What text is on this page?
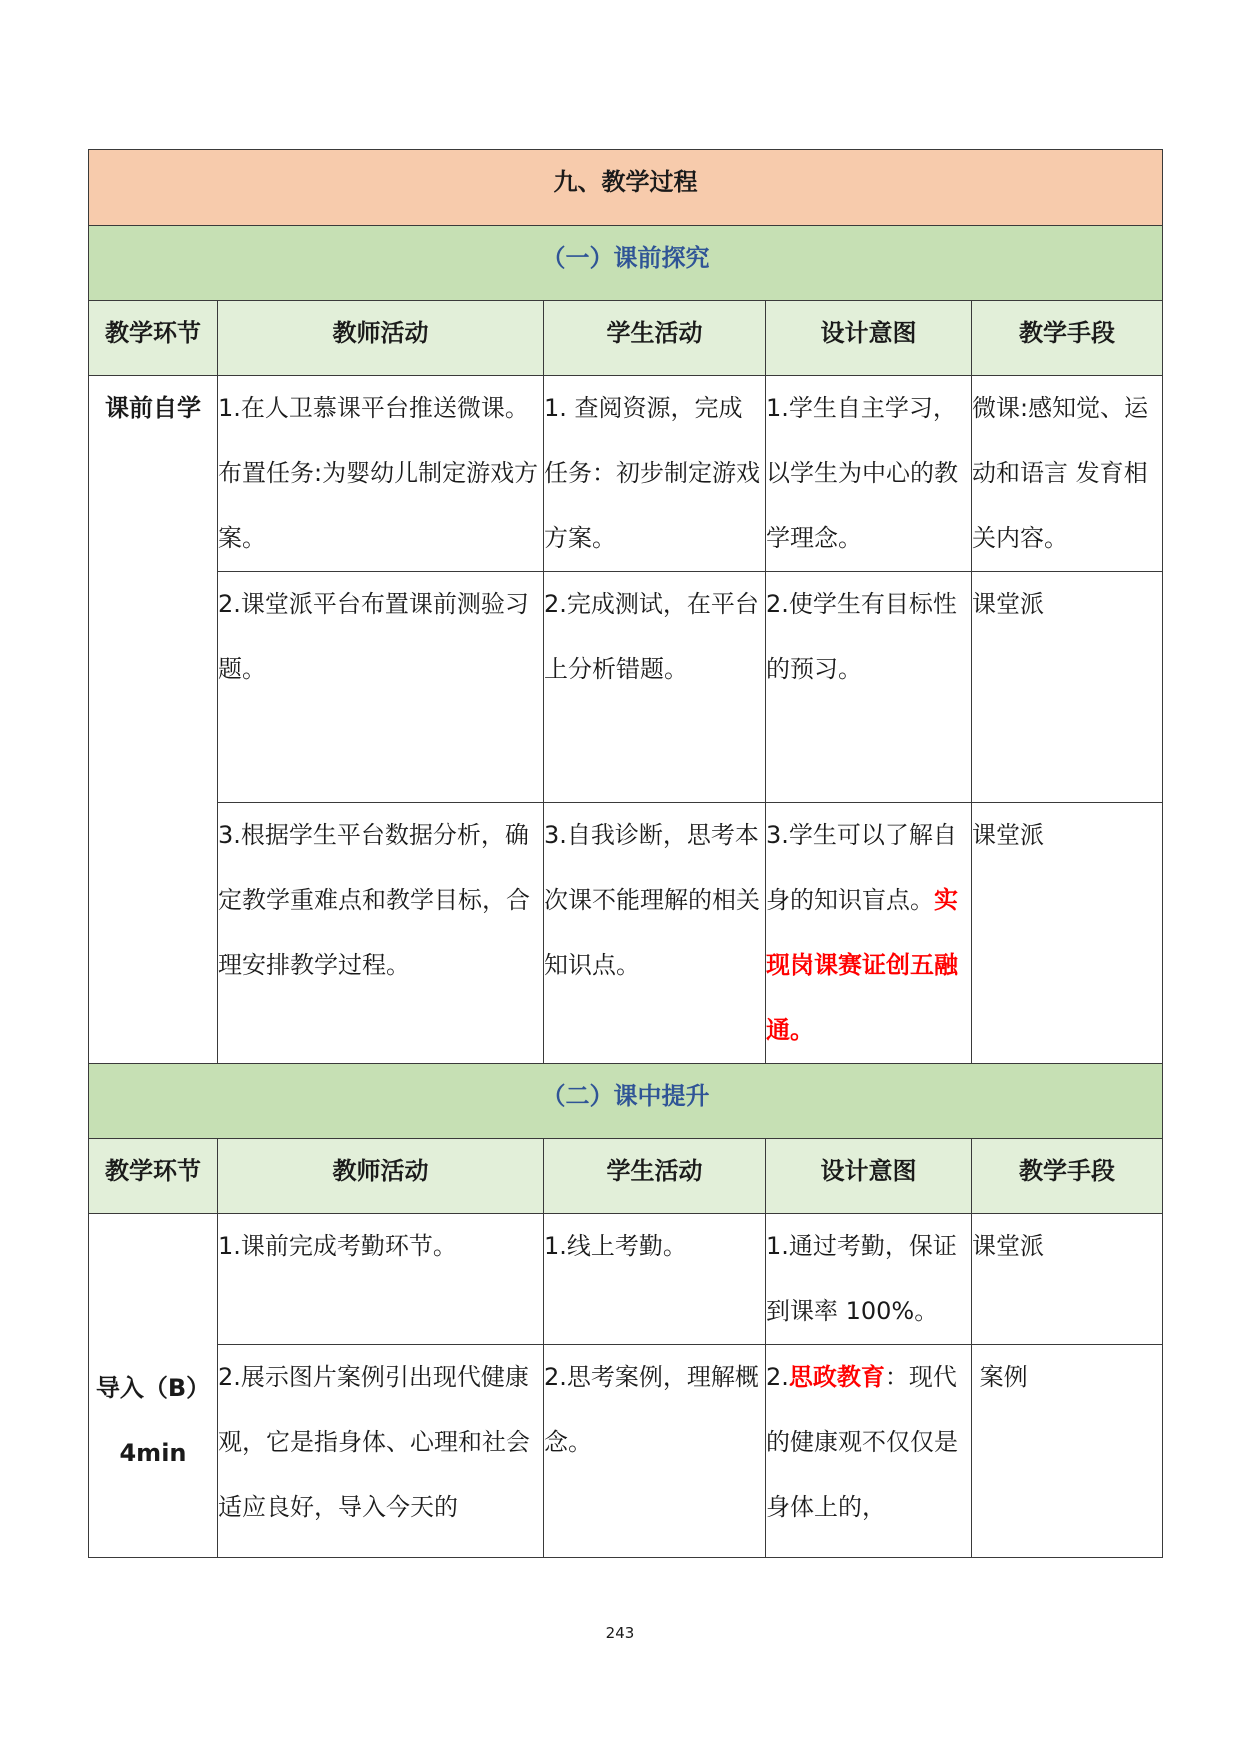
九、教学过程				
（一）课前探究				
教学环节	教师活动	学生活动	设计意图	教学手段
课前自学	1.在人卫慕课平台推送微课。布置任务:为婴幼儿制定游戏方案。	1. 查阅资源，完成任务：初步制定游戏方案。	1.学生自主学习，以学生为中心的教学理念。	微课:感知觉、运动和语言 发育相关内容。
	2.课堂派平台布置课前测验习题。	2.完成测试，在平台上分析错题。	2.使学生有目标性的预习。	课堂派
	3.根据学生平台数据分析，确定教学重难点和教学目标，合理安排教学过程。	3.自我诊断，思考本次课不能理解的相关知识点。	3.学生可以了解自身的知识盲点。实现岗课赛证创五融通。	课堂派
（二）课中提升				
教学环节	教师活动	学生活动	设计意图	教学手段

导入（B）
4min	1.课前完成考勤环节。	1.线上考勤。	1.通过考勤，保证到课率 100%。	课堂派
	2.展示图片案例引出现代健康观，它是指身体、心理和社会适应良好，导入今天的	2.思考案例，理解概 念。	2.思政教育：现代的健康观不仅仅是身体上的，	案例
243
